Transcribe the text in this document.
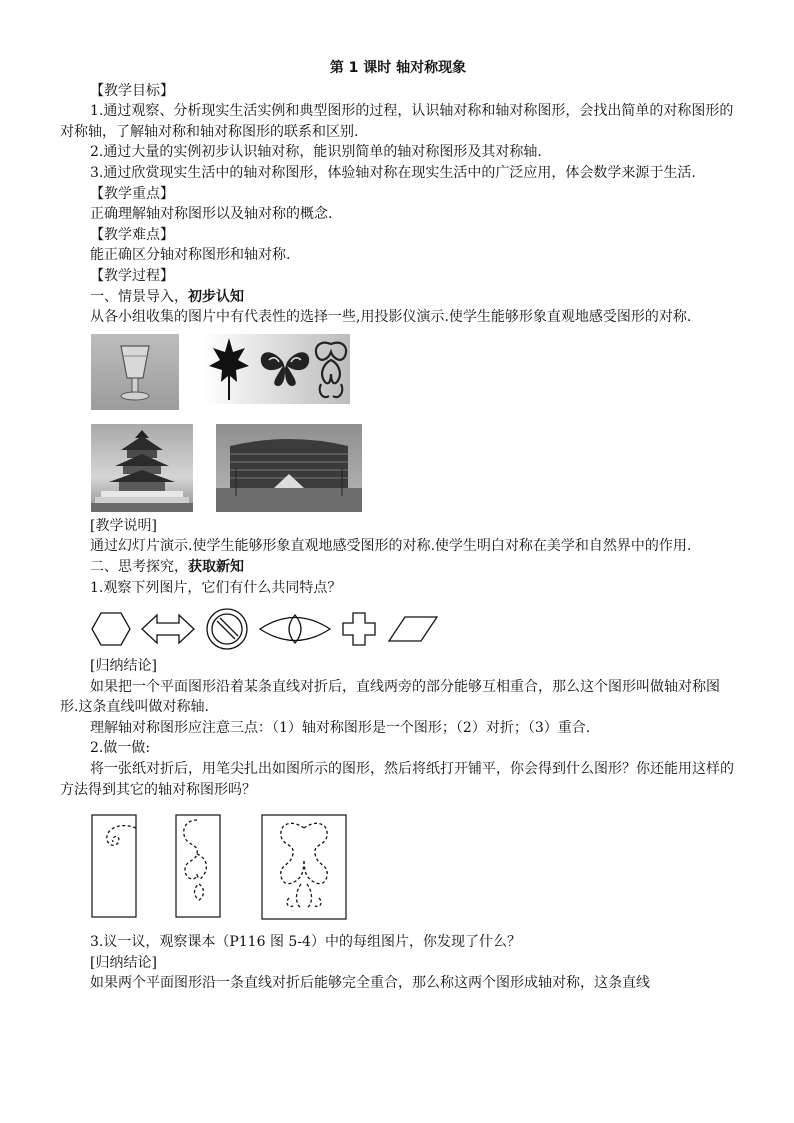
第 1 课时 轴对称现象

【教学目标】

1.通过观察、分析现实生活实例和典型图形的过程，认识轴对称和轴对称图形，会找出简单的对称图形的对称轴，了解轴对称和轴对称图形的联系和区别.

2.通过大量的实例初步认识轴对称，能识别简单的轴对称图形及其对称轴.

3.通过欣赏现实生活中的轴对称图形，体验轴对称在现实生活中的广泛应用，体会数学来源于生活.

【教学重点】

正确理解轴对称图形以及轴对称的概念.

【教学难点】

能正确区分轴对称图形和轴对称.

【教学过程】

一、情景导入，初步认知

从各小组收集的图片中有代表性的选择一些,用投影仪演示.使学生能够形象直观地感受图形的对称.

[教学说明]

通过幻灯片演示.使学生能够形象直观地感受图形的对称.使学生明白对称在美学和自然界中的作用.

二、思考探究，获取新知

1.观察下列图片，它们有什么共同特点？

[归纳结论]

如果把一个平面图形沿着某条直线对折后，直线两旁的部分能够互相重合，那么这个图形叫做轴对称图形.这条直线叫做对称轴.

理解轴对称图形应注意三点：（1）轴对称图形是一个图形；（2）对折；（3）重合.

2.做一做:

将一张纸对折后，用笔尖扎出如图所示的图形，然后将纸打开铺平，你会得到什么图形？你还能用这样的方法得到其它的轴对称图形吗？

3.议一议，观察课本（P116 图 5-4）中的每组图片，你发现了什么？

[归纳结论]

如果两个平面图形沿一条直线对折后能够完全重合，那么称这两个图形成轴对称，这条直线
